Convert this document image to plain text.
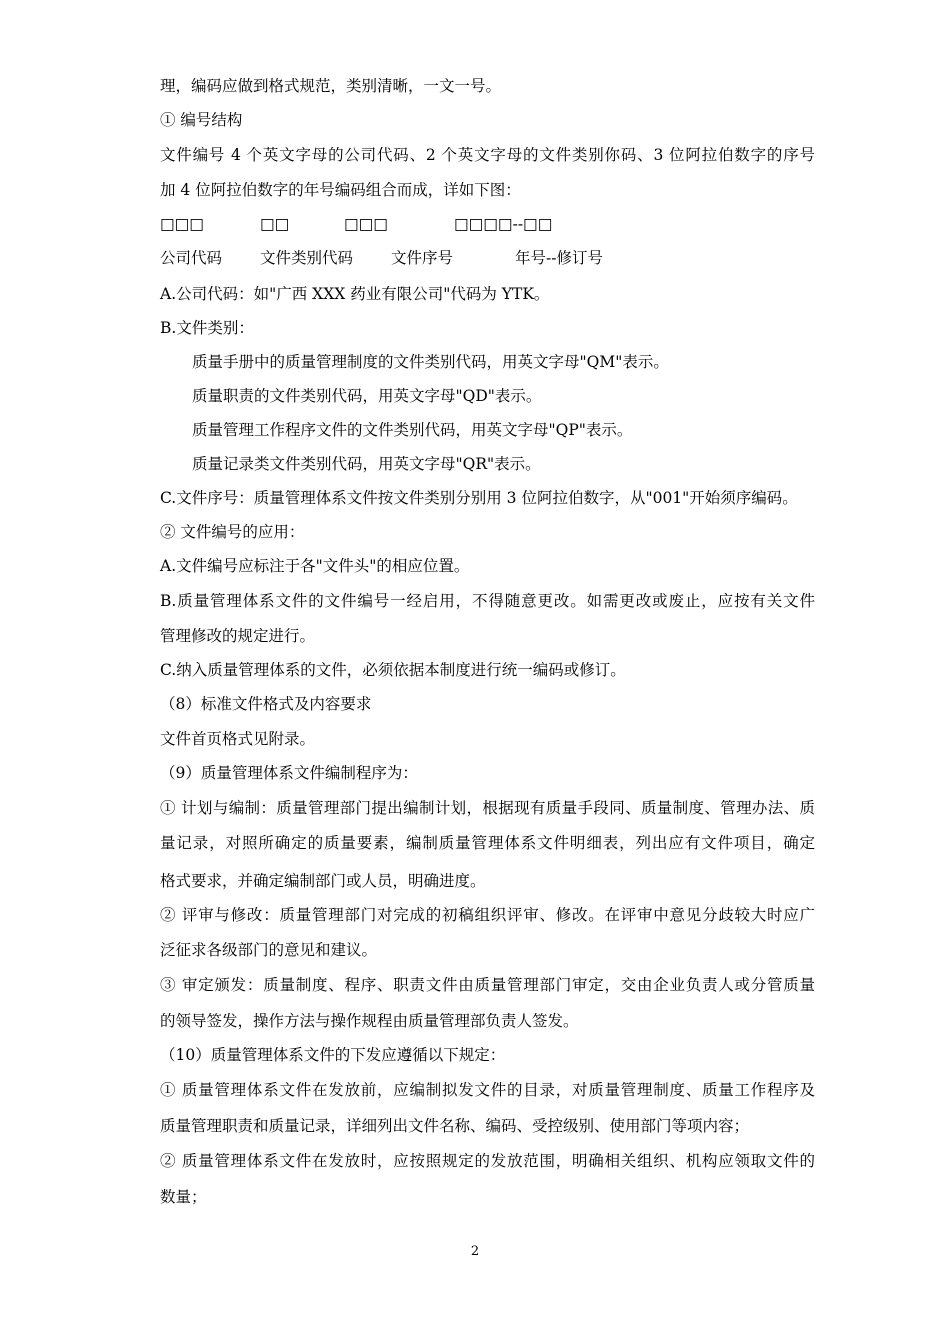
理，编码应做到格式规范，类别清晰，一文一号。
① 编号结构
文件编号 4 个英文字母的公司代码、2 个英文字母的文件类别你码、3 位阿拉伯数字的序号
加 4 位阿拉伯数字的年号编码组合而成，详如下图：
□□□	□□	□□□	□□□□--□□
公司代码 文件类别代码 文件序号	年号--修订号
A.公司代码：如"广西 XXX 药业有限公司"代码为 YTK。
B.文件类别：
质量手册中的质量管理制度的文件类别代码，用英文字母"QM"表示。
质量职责的文件类别代码，用英文字母"QD"表示。
质量管理工作程序文件的文件类别代码，用英文字母"QP"表示。
质量记录类文件类别代码，用英文字母"QR"表示。
C.文件序号：质量管理体系文件按文件类别分别用 3 位阿拉伯数字，从"001"开始须序编码。
② 文件编号的应用：
A.文件编号应标注于各"文件头"的相应位置。
B.质量管理体系文件的文件编号一经启用，不得随意更改。如需更改或废止，应按有关文件
管理修改的规定进行。
C.纳入质量管理体系的文件，必须依据本制度进行统一编码或修订。
（8）标准文件格式及内容要求
文件首页格式见附录。
（9）质量管理体系文件编制程序为：
① 计划与编制：质量管理部门提出编制计划，根据现有质量手段同、质量制度、管理办法、质
量记录，对照所确定的质量要素，编制质量管理体系文件明细表，列出应有文件项目，确定
格式要求，并确定编制部门或人员，明确进度。
② 评审与修改：质量管理部门对完成的初稿组织评审、修改。在评审中意见分歧较大时应广
泛征求各级部门的意见和建议。
③ 审定颁发：质量制度、程序、职责文件由质量管理部门审定，交由企业负责人或分管质量
的领导签发，操作方法与操作规程由质量管理部负责人签发。
（10）质量管理体系文件的下发应遵循以下规定：
① 质量管理体系文件在发放前，应编制拟发文件的目录，对质量管理制度、质量工作程序及
质量管理职责和质量记录，详细列出文件名称、编码、受控级别、使用部门等项内容；
② 质量管理体系文件在发放时，应按照规定的发放范围，明确相关组织、机构应领取文件的
数量；
2
